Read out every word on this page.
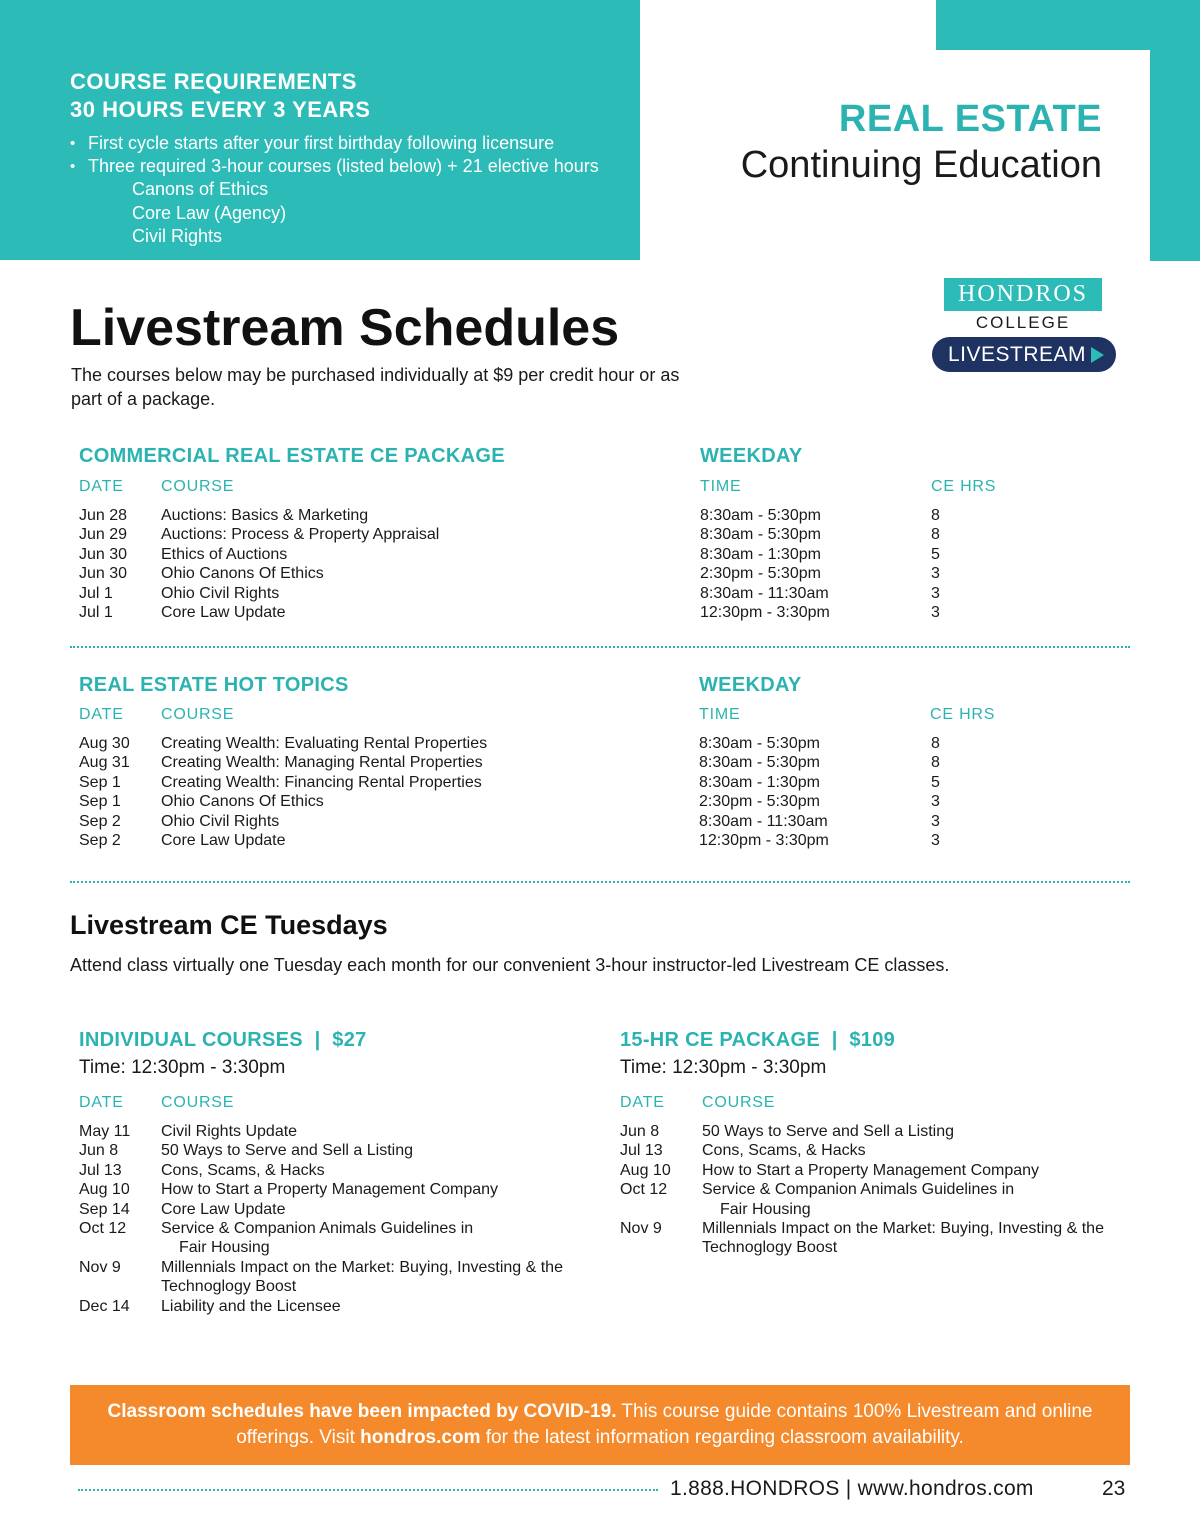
COURSE REQUIREMENTS
30 HOURS EVERY 3 YEARS
• First cycle starts after your first birthday following licensure
• Three required 3-hour courses (listed below) + 21 elective hours
Canons of Ethics
Core Law (Agency)
Civil Rights
REAL ESTATE
Continuing Education
HONDROS
COLLEGE
LIVESTREAM
Livestream Schedules
The courses below may be purchased individually at $9 per credit hour or as part of a package.
COMMERCIAL REAL ESTATE CE PACKAGE	WEEKDAY
DATE COURSE	TIME	CE HRS
Jun 28 Auctions: Basics & Marketing	8:30am - 5:30pm	8
Jun 29 Auctions: Process & Property Appraisal	8:30am - 5:30pm	8
Jun 30 Ethics of Auctions	8:30am - 1:30pm	5
Jun 30 Ohio Canons Of Ethics	2:30pm - 5:30pm	3
Jul 1	Ohio Civil Rights	8:30am - 11:30am	3
Jul 1	Core Law Update	12:30pm - 3:30pm	3
REAL ESTATE HOT TOPICS	WEEKDAY
DATE COURSE	TIME	CE HRS
Aug 30 Creating Wealth: Evaluating Rental Properties	8:30am - 5:30pm	8
Aug 31 Creating Wealth: Managing Rental Properties	8:30am - 5:30pm	8
Sep 1	Creating Wealth: Financing Rental Properties	8:30am - 1:30pm	5
Sep 1	Ohio Canons Of Ethics	2:30pm - 5:30pm	3
Sep 2	Ohio Civil Rights	8:30am - 11:30am	3
Sep 2	Core Law Update	12:30pm - 3:30pm	3
Livestream CE Tuesdays
Attend class virtually one Tuesday each month for our convenient 3-hour instructor-led Livestream CE classes.
INDIVIDUAL COURSES  |  $27
Time: 12:30pm - 3:30pm
DATE COURSE
May 11	Civil Rights Update
Jun 8	50 Ways to Serve and Sell a Listing
Jul 13	Cons, Scams, & Hacks
Aug 10	How to Start a Property Management Company
Sep 14	Core Law Update
Oct 12	Service & Companion Animals Guidelines in
Fair Housing
Nov 9	Millennials Impact on the Market: Buying, Investing & the
Technoglogy Boost
Dec 14	Liability and the Licensee
15-HR CE PACKAGE  |  $109
Time: 12:30pm - 3:30pm
DATE COURSE
Jun 8	50 Ways to Serve and Sell a Listing
Jul 13	Cons, Scams, & Hacks
Aug 10	How to Start a Property Management Company
Oct 12	Service & Companion Animals Guidelines in
Fair Housing
Nov 9	Millennials Impact on the Market: Buying, Investing & the
Technoglogy Boost
Classroom schedules have been impacted by COVID-19. This course guide contains 100% Livestream and online offerings. Visit hondros.com for the latest information regarding classroom availability.
1.888.HONDROS | www.hondros.com	23
